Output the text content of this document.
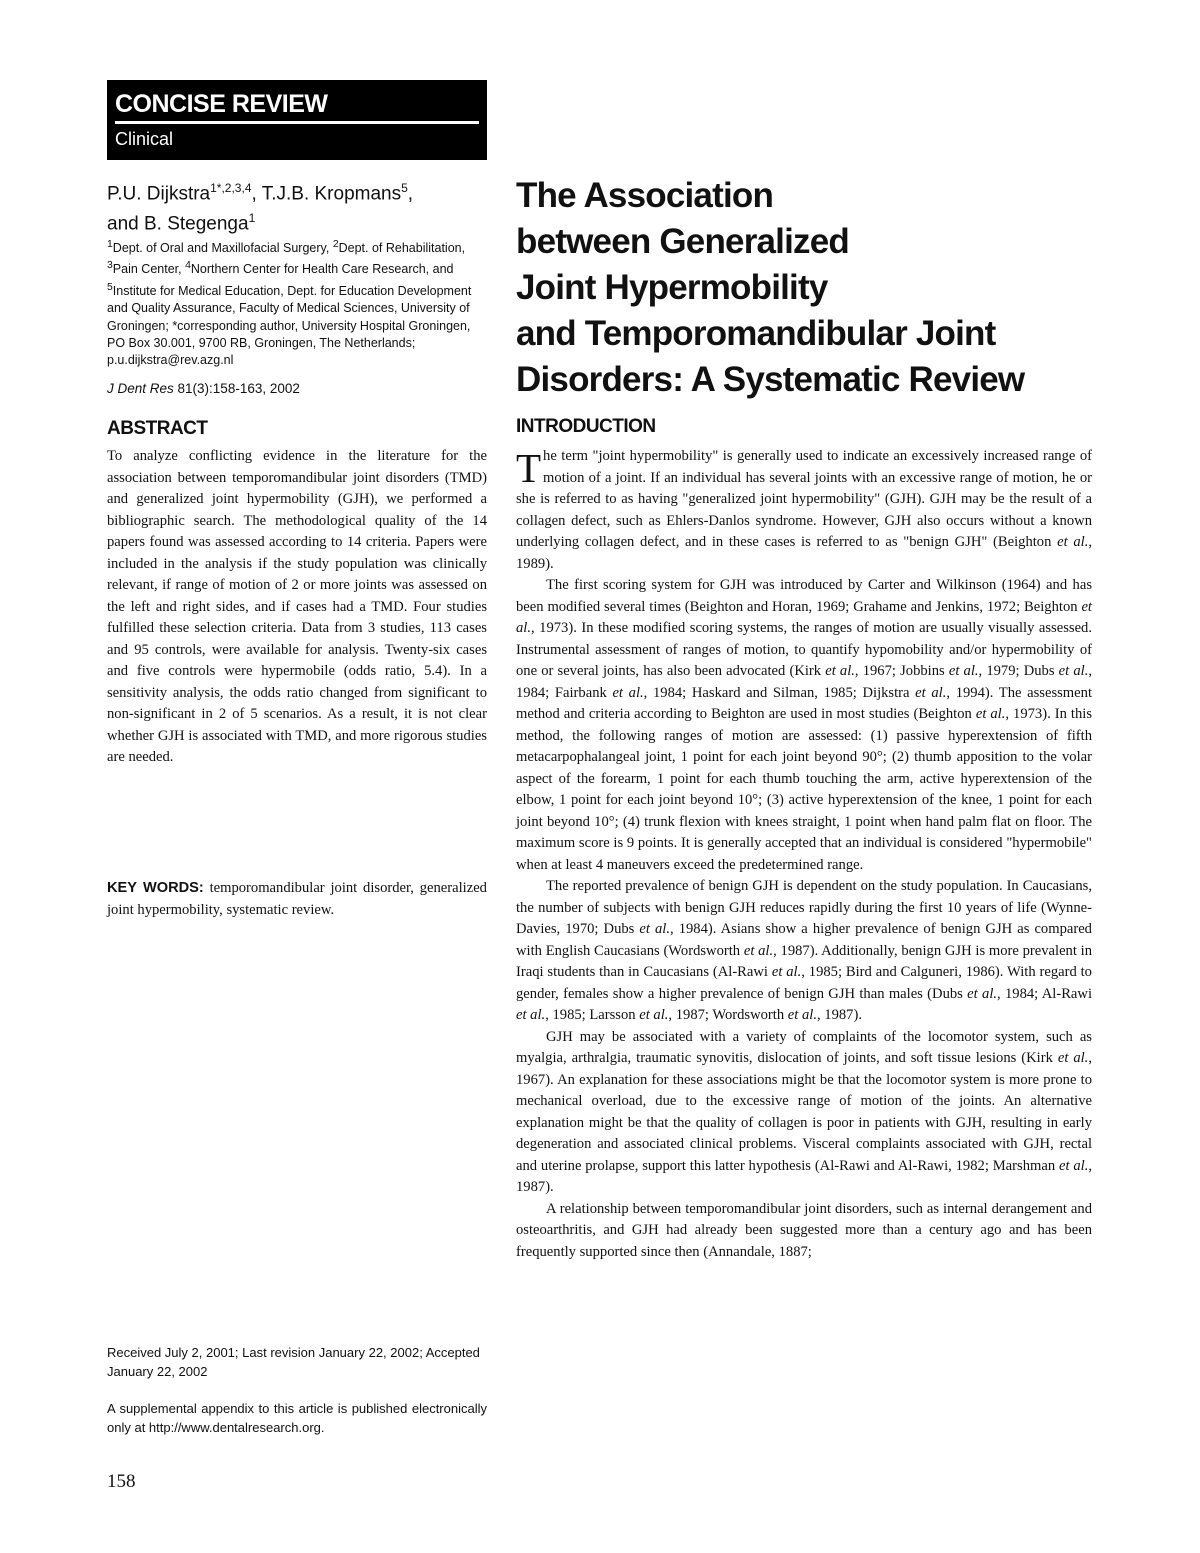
CONCISE REVIEW
Clinical
P.U. Dijkstra$^{1*,2,3,4}$, T.J.B. Kropmans$^5$,
and B. Stegenga$^1$
$^1$Dept. of Oral and Maxillofacial Surgery, $^2$Dept. of Rehabilitation, $^3$Pain Center, $^4$Northern Center for Health Care Research, and $^5$Institute for Medical Education, Dept. for Education Development and Quality Assurance, Faculty of Medical Sciences, University of Groningen; *corresponding author, University Hospital Groningen, PO Box 30.001, 9700 RB, Groningen, The Netherlands; p.u.dijkstra@rev.azg.nl
J Dent Res 81(3):158-163, 2002
ABSTRACT

To analyze conflicting evidence in the literature for the association between temporomandibular joint disorders (TMD) and generalized joint hypermobility (GJH), we performed a bibliographic search. The methodological quality of the 14 papers found was assessed according to 14 criteria. Papers were included in the analysis if the study population was clinically relevant, if range of motion of 2 or more joints was assessed on the left and right sides, and if cases had a TMD. Four studies fulfilled these selection criteria. Data from 3 studies, 113 cases and 95 controls, were available for analysis. Twenty-six cases and five controls were hypermobile (odds ratio, 5.4). In a sensitivity analysis, the odds ratio changed from significant to non-significant in 2 of 5 scenarios. As a result, it is not clear whether GJH is associated with TMD, and more rigorous studies are needed.

KEY WORDS: temporomandibular joint disorder, generalized joint hypermobility, systematic review.

Received July 2, 2001; Last revision January 22, 2002; Accepted January 22, 2002

A supplemental appendix to this article is published electronically only at http://www.dentalresearch.org.

158
The Association
between Generalized
Joint Hypermobility
and Temporomandibular Joint
Disorders: A Systematic Review
INTRODUCTION

The term "joint hypermobility" is generally used to indicate an excessively increased range of motion of a joint. If an individual has several joints with an excessive range of motion, he or she is referred to as having "generalized joint hypermobility" (GJH). GJH may be the result of a collagen defect, such as Ehlers-Danlos syndrome. However, GJH also occurs without a known underlying collagen defect, and in these cases is referred to as "benign GJH" (Beighton et al., 1989).

The first scoring system for GJH was introduced by Carter and Wilkinson (1964) and has been modified several times (Beighton and Horan, 1969; Grahame and Jenkins, 1972; Beighton et al., 1973). In these modified scoring systems, the ranges of motion are usually visually assessed. Instrumental assessment of ranges of motion, to quantify hypomobility and/or hypermobility of one or several joints, has also been advocated (Kirk et al., 1967; Jobbins et al., 1979; Dubs et al., 1984; Fairbank et al., 1984; Haskard and Silman, 1985; Dijkstra et al., 1994). The assessment method and criteria according to Beighton are used in most studies (Beighton et al., 1973). In this method, the following ranges of motion are assessed: (1) passive hyperextension of fifth metacarpophalangeal joint, 1 point for each joint beyond 90°; (2) thumb apposition to the volar aspect of the forearm, 1 point for each thumb touching the arm, active hyperextension of the elbow, 1 point for each joint beyond 10°; (3) active hyperextension of the knee, 1 point for each joint beyond 10°; (4) trunk flexion with knees straight, 1 point when hand palm flat on floor. The maximum score is 9 points. It is generally accepted that an individual is considered "hypermobile" when at least 4 maneuvers exceed the predetermined range.

The reported prevalence of benign GJH is dependent on the study population. In Caucasians, the number of subjects with benign GJH reduces rapidly during the first 10 years of life (Wynne-Davies, 1970; Dubs et al., 1984). Asians show a higher prevalence of benign GJH as compared with English Caucasians (Wordsworth et al., 1987). Additionally, benign GJH is more prevalent in Iraqi students than in Caucasians (Al-Rawi et al., 1985; Bird and Calguneri, 1986). With regard to gender, females show a higher prevalence of benign GJH than males (Dubs et al., 1984; Al-Rawi et al., 1985; Larsson et al., 1987; Wordsworth et al., 1987).

GJH may be associated with a variety of complaints of the locomotor system, such as myalgia, arthralgia, traumatic synovitis, dislocation of joints, and soft tissue lesions (Kirk et al., 1967). An explanation for these associations might be that the locomotor system is more prone to mechanical overload, due to the excessive range of motion of the joints. An alternative explanation might be that the quality of collagen is poor in patients with GJH, resulting in early degeneration and associated clinical problems. Visceral complaints associated with GJH, rectal and uterine prolapse, support this latter hypothesis (Al-Rawi and Al-Rawi, 1982; Marshman et al., 1987).

A relationship between temporomandibular joint disorders, such as internal derangement and osteoarthritis, and GJH had already been suggested more than a century ago and has been frequently supported since then (Annandale, 1887;
